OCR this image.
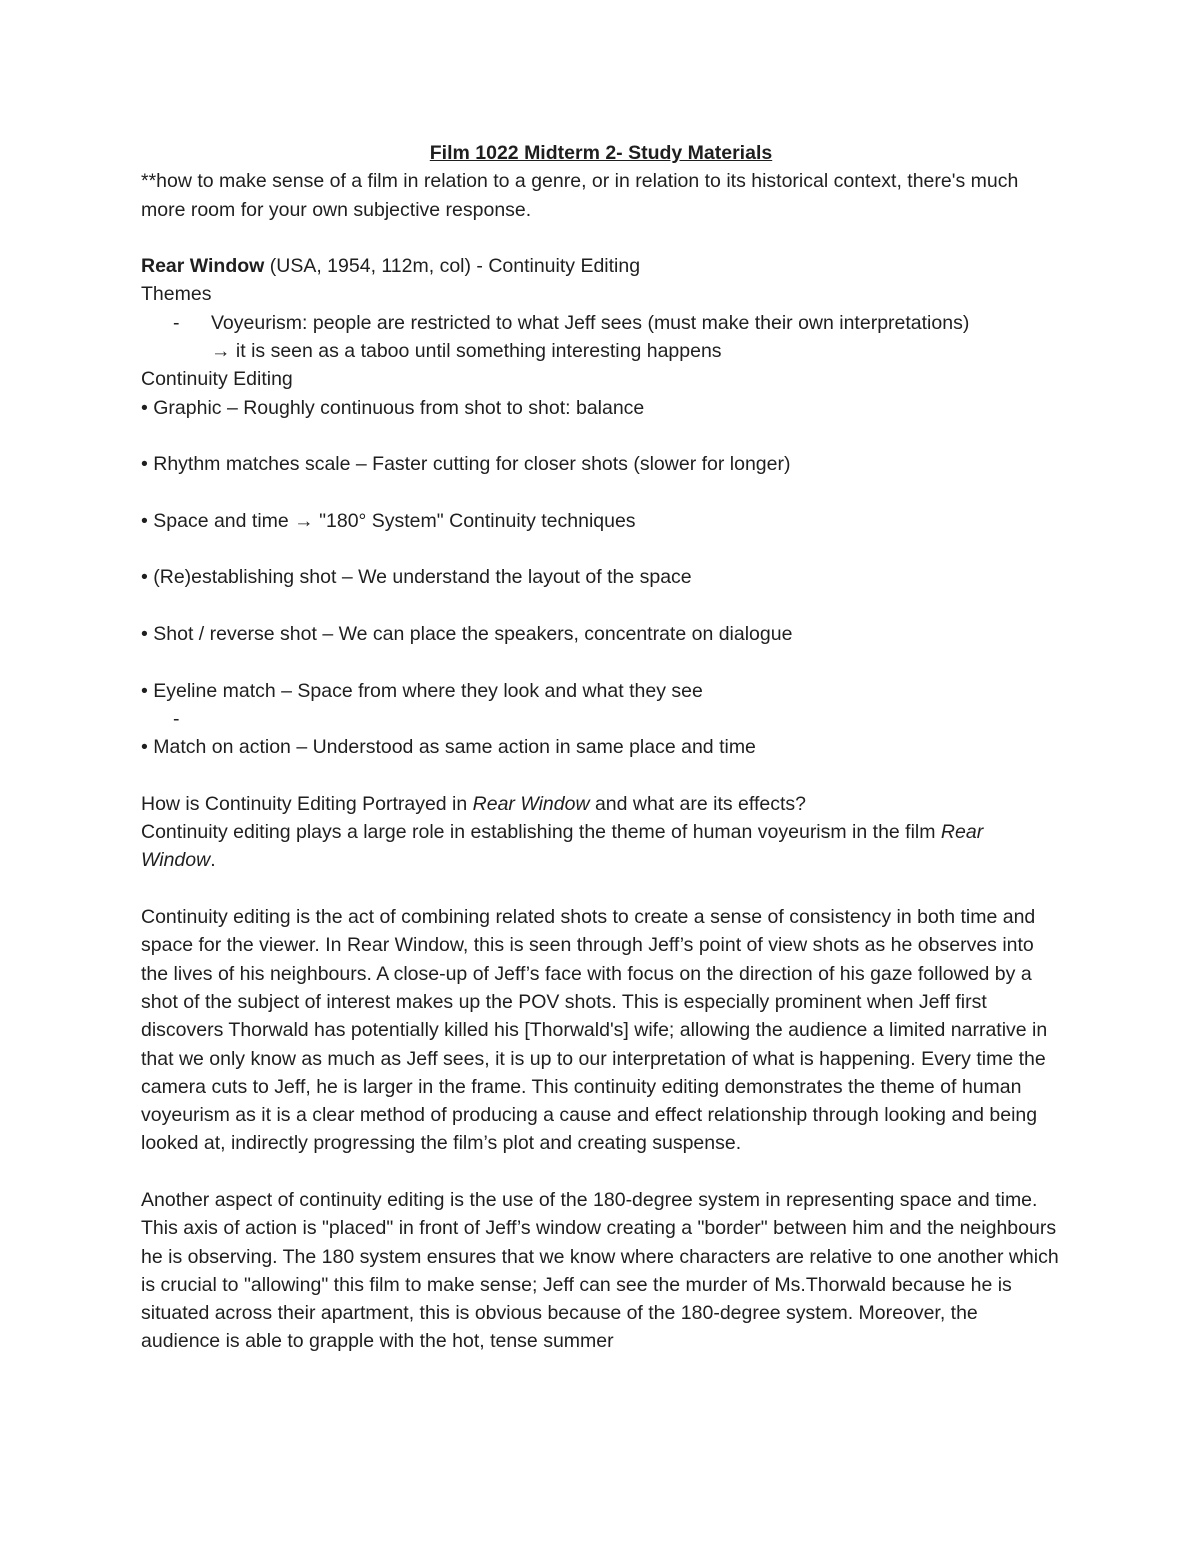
Film 1022 Midterm 2- Study Materials

**how to make sense of a film in relation to a genre, or in relation to its historical context, there's much more room for your own subjective response.

Rear Window (USA, 1954, 112m, col) - Continuity Editing

Themes

- Voyeurism: people are restricted to what Jeff sees (must make their own interpretations)

→ it is seen as a taboo until something interesting happens

Continuity Editing

• Graphic – Roughly continuous from shot to shot: balance

• Rhythm matches scale – Faster cutting for closer shots (slower for longer)

• Space and time → "180° System" Continuity techniques

• (Re)establishing shot – We understand the layout of the space

• Shot / reverse shot – We can place the speakers, concentrate on dialogue

• Eyeline match – Space from where they look and what they see

-

• Match on action – Understood as same action in same place and time

How is Continuity Editing Portrayed in Rear Window and what are its effects?

Continuity editing plays a large role in establishing the theme of human voyeurism in the film Rear Window.

Continuity editing is the act of combining related shots to create a sense of consistency in both time and space for the viewer. In Rear Window, this is seen through Jeff’s point of view shots as he observes into the lives of his neighbours. A close-up of Jeff’s face with focus on the direction of his gaze followed by a shot of the subject of interest makes up the POV shots. This is especially prominent when Jeff first discovers Thorwald has potentially killed his [Thorwald's] wife; allowing the audience a limited narrative in that we only know as much as Jeff sees, it is up to our interpretation of what is happening. Every time the camera cuts to Jeff, he is larger in the frame. This continuity editing demonstrates the theme of human voyeurism as it is a clear method of producing a cause and effect relationship through looking and being looked at, indirectly progressing the film’s plot and creating suspense.

Another aspect of continuity editing is the use of the 180-degree system in representing space and time. This axis of action is "placed" in front of Jeff’s window creating a "border" between him and the neighbours he is observing. The 180 system ensures that we know where characters are relative to one another which is crucial to "allowing" this film to make sense; Jeff can see the murder of Ms.Thorwald because he is situated across their apartment, this is obvious because of the 180-degree system. Moreover, the audience is able to grapple with the hot, tense summer
